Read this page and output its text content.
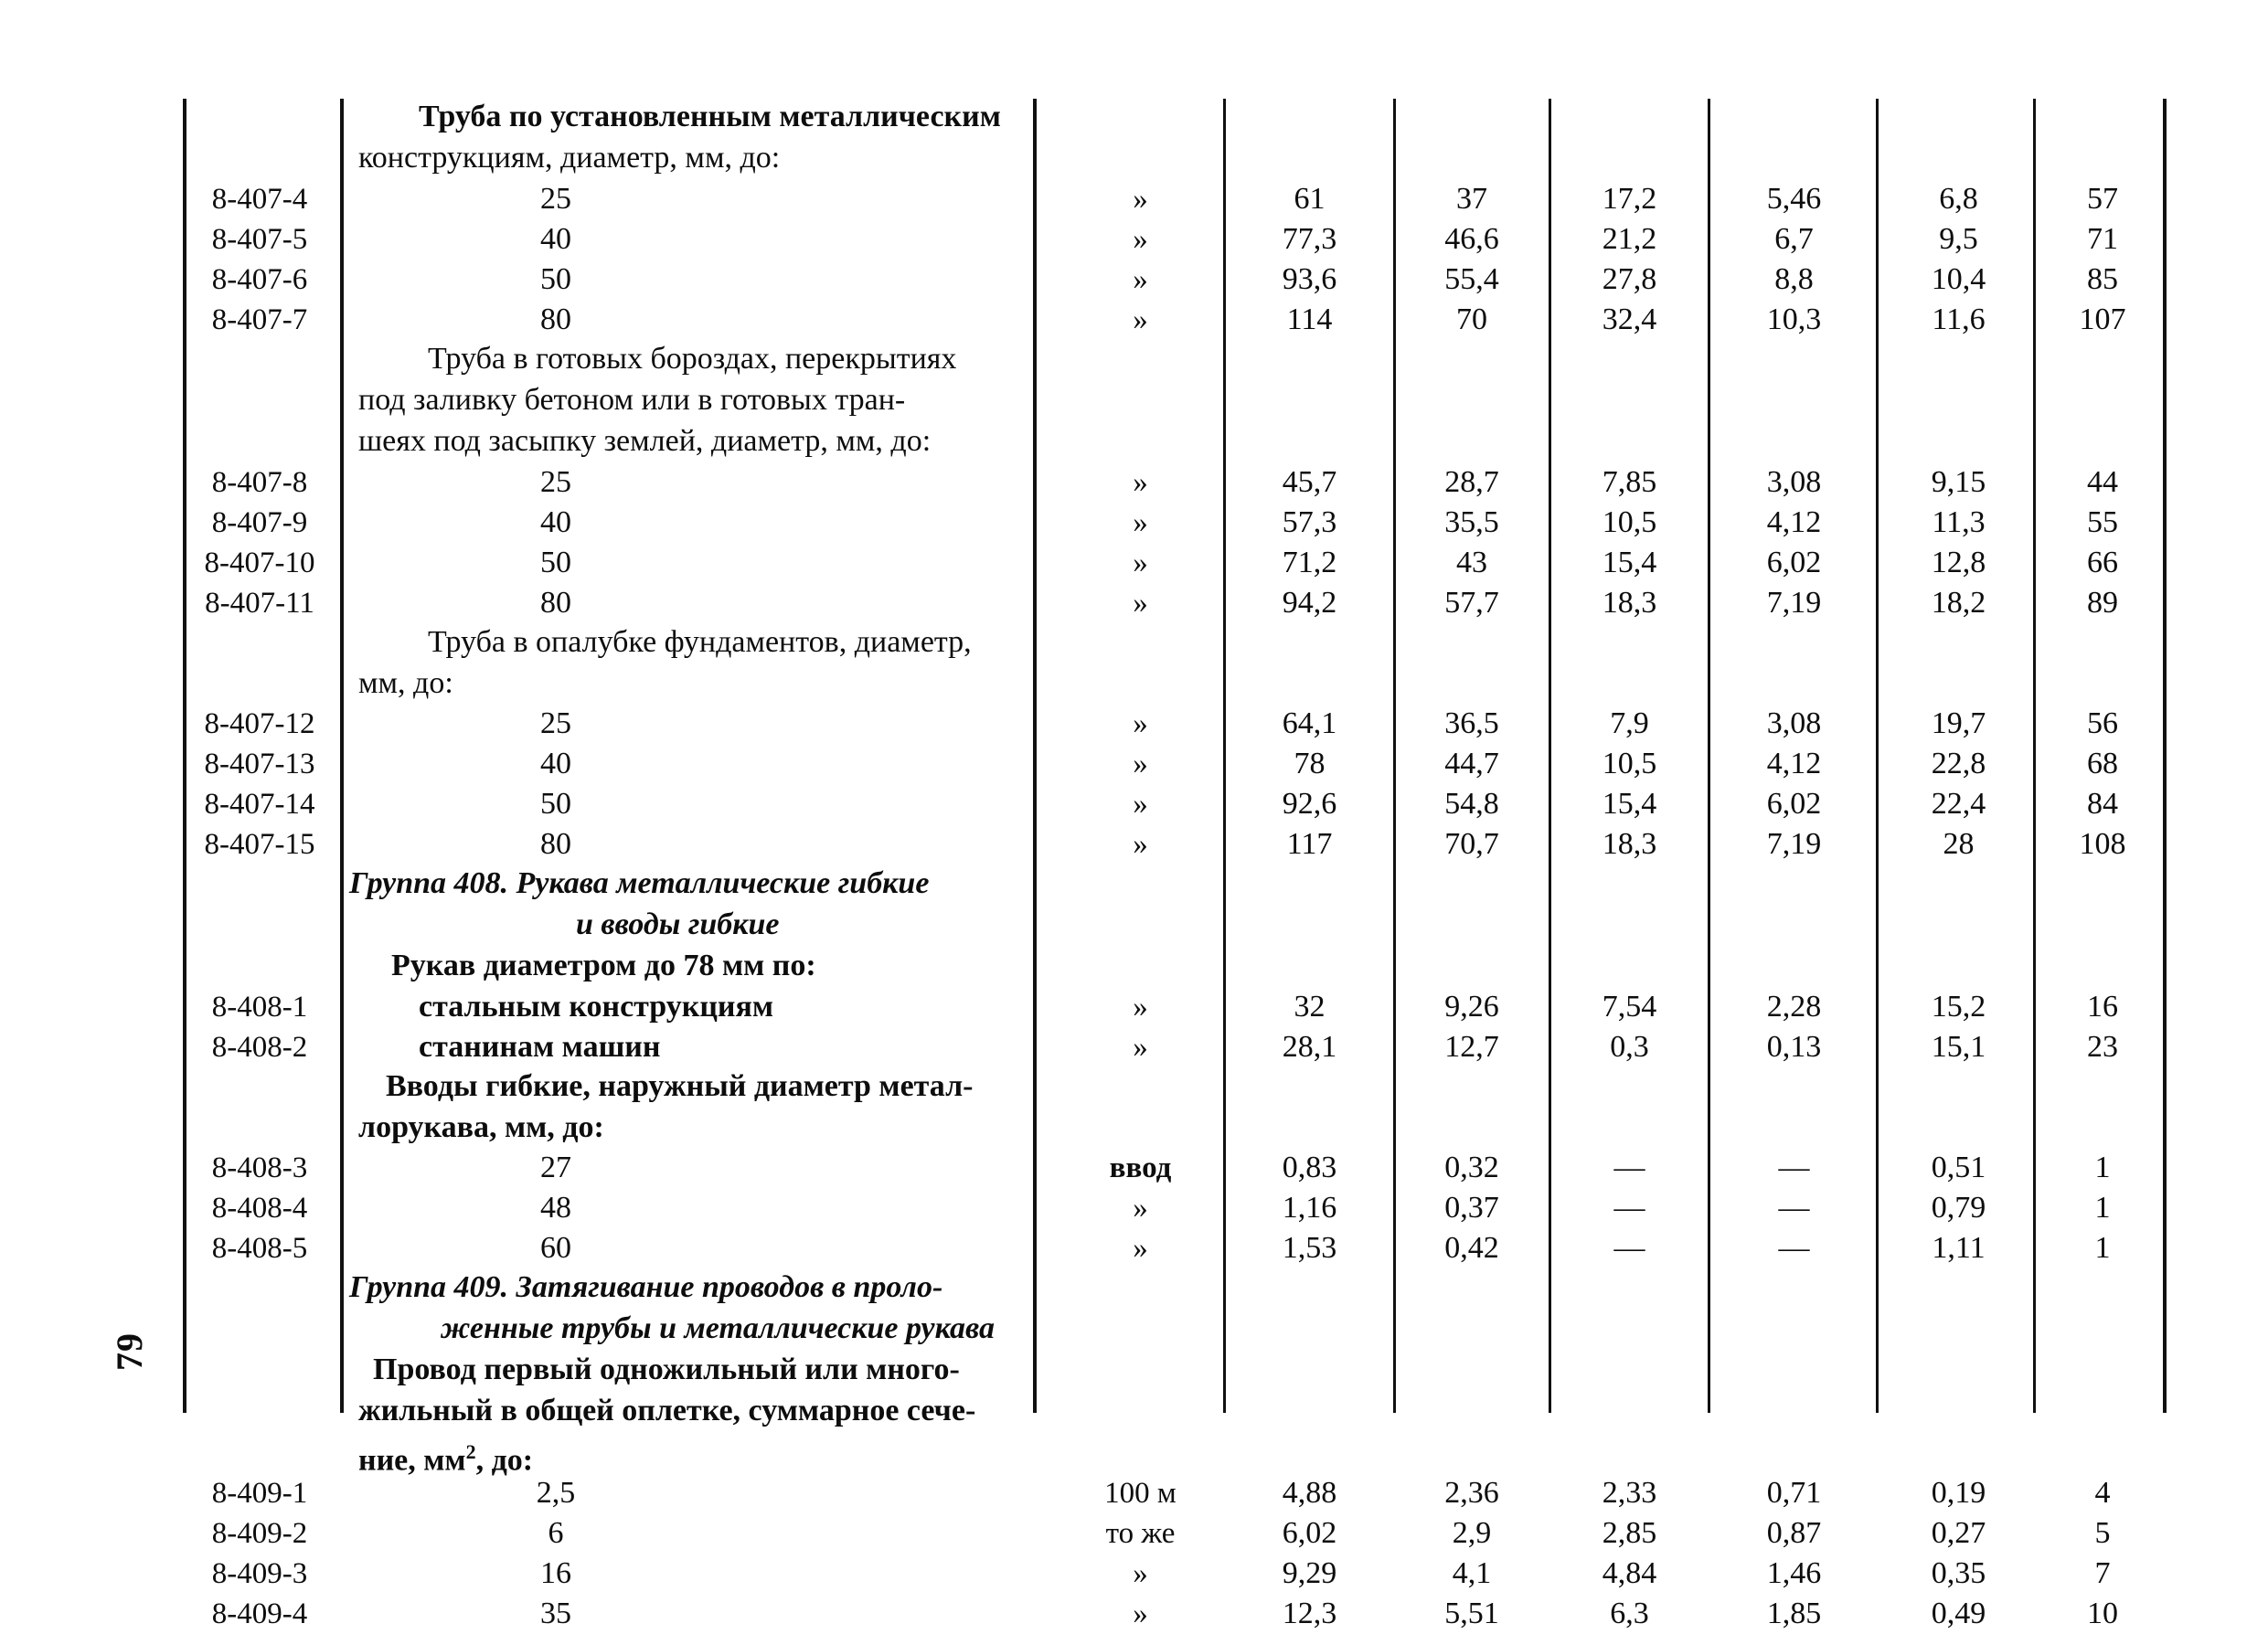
79
Труба по установленным металлическим
конструкциям, диаметр, мм, до:
8-407-4	25	»	61	37	17,2	5,46	6,8	57
8-407-5	40	»	77,3	46,6	21,2	6,7	9,5	71
8-407-6	50	»	93,6	55,4	27,8	8,8	10,4	85
8-407-7	80	»	114	70	32,4	10,3	11,6	107
Труба в готовых бороздах, перекрытиях
под заливку бетоном или в готовых тран-
шеях под засыпку землей, диаметр, мм, до:
8-407-8	25	»	45,7	28,7	7,85	3,08	9,15	44
8-407-9	40	»	57,3	35,5	10,5	4,12	11,3	55
8-407-10	50	»	71,2	43	15,4	6,02	12,8	66
8-407-11	80	»	94,2	57,7	18,3	7,19	18,2	89
Труба в опалубке фундаментов, диаметр,
мм, до:
8-407-12	25	»	64,1	36,5	7,9	3,08	19,7	56
8-407-13	40	»	78	44,7	10,5	4,12	22,8	68
8-407-14	50	»	92,6	54,8	15,4	6,02	22,4	84
8-407-15	80	»	117	70,7	18,3	7,19	28	108
Группа 408. Рукава металлические гибкие
и вводы гибкие
Рукав диаметром до 78 мм по:
8-408-1	стальным конструкциям	»	32	9,26	7,54	2,28	15,2	16
8-408-2	станинам машин	»	28,1	12,7	0,3	0,13	15,1	23
Вводы гибкие, наружный диаметр метал-
лорукава, мм, до:
8-408-3	27	ввод	0,83	0,32	—	—	0,51	1
8-408-4	48	»	1,16	0,37	—	—	0,79	1
8-408-5	60	»	1,53	0,42	—	—	1,11	1
Группа 409. Затягивание проводов в проло-
женные трубы и металлические рукава
Провод первый одножильный или много-
жильный в общей оплетке, суммарное сече-
ние, $мм^2$, до:
8-409-1	2,5	100 м	4,88	2,36	2,33	0,71	0,19	4
8-409-2	6	то же	6,02	2,9	2,85	0,87	0,27	5
8-409-3	16	»	9,29	4,1	4,84	1,46	0,35	7
8-409-4	35	»	12,3	5,51	6,3	1,85	0,49	10
